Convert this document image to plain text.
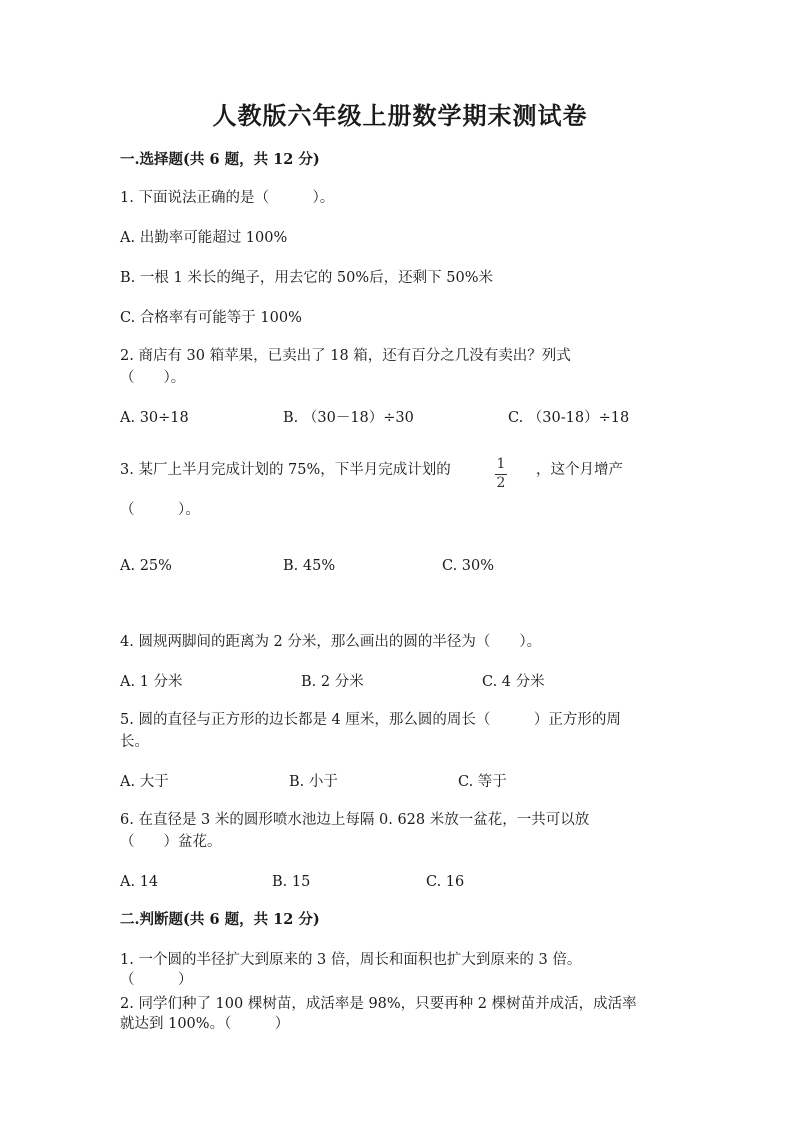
人教版六年级上册数学期末测试卷
一.选择题(共 6 题，共 12 分)
1. 下面说法正确的是（　　　）。
A. 出勤率可能超过 100%
B. 一根 1 米长的绳子，用去它的 50%后，还剩下 50%米
C. 合格率有可能等于 100%
2. 商店有 30 箱苹果，已卖出了 18 箱，还有百分之几没有卖出？列式
（　　）。
A. 30÷18	B. （30－18）÷30	C. （30-18）÷18
3. 某厂上半月完成计划的 75%，下半月完成计划的	1
2
，这个月增产
（　　　）。
A. 25%	B. 45%	C. 30%
4. 圆规两脚间的距离为 2 分米，那么画出的圆的半径为（　　）。
A. 1 分米	B. 2 分米	C. 4 分米
5. 圆的直径与正方形的边长都是 4 厘米，那么圆的周长（　　　）正方形的周
长。
A. 大于	B. 小于	C. 等于
6. 在直径是 3 米的圆形喷水池边上每隔 0. 628 米放一盆花，一共可以放
（　　）盆花。
A. 14	B. 15	C. 16
二.判断题(共 6 题，共 12 分)
1. 一个圆的半径扩大到原来的 3 倍，周长和面积也扩大到原来的 3 倍。
（　　　）
2. 同学们种了 100 棵树苗，成活率是 98%，只要再种 2 棵树苗并成活，成活率
就达到 100%。（　　　）
